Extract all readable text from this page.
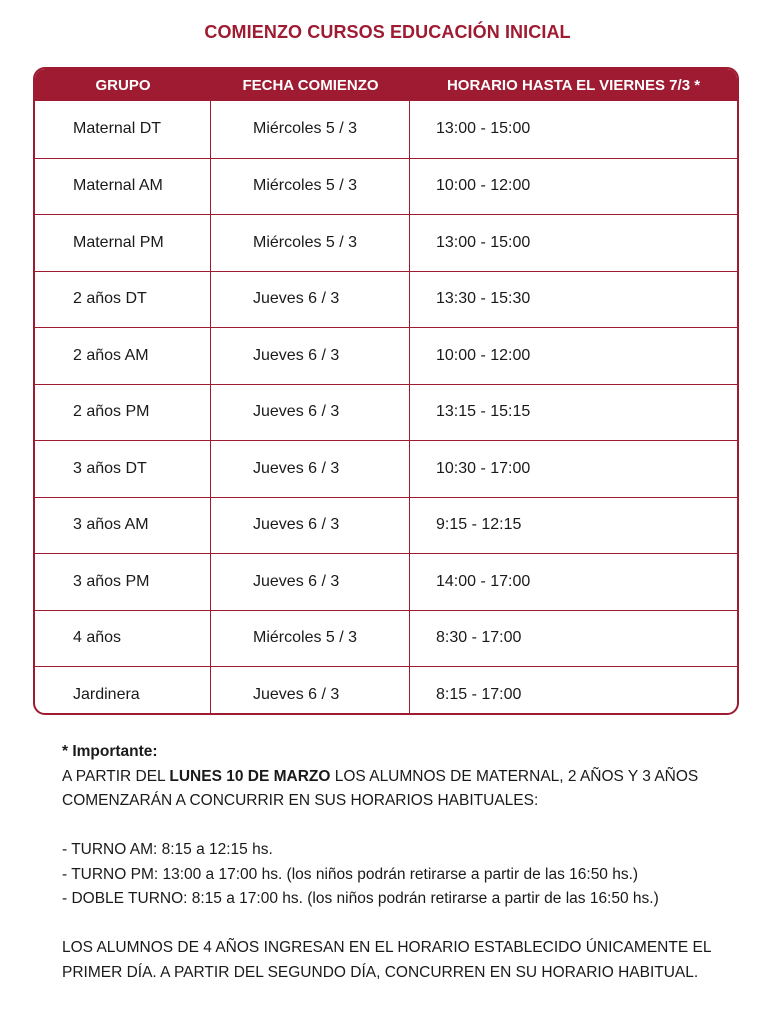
COMIENZO CURSOS EDUCACIÓN INICIAL
GRUPO	FECHA COMIENZO	HORARIO HASTA EL VIERNES 7/3 *
Maternal DT	Miércoles 5 / 3	13:00 - 15:00
Maternal AM	Miércoles 5 / 3	10:00 - 12:00
Maternal PM	Miércoles 5 / 3	13:00 - 15:00
2 años DT	Jueves 6 / 3	13:30 - 15:30
2 años AM	Jueves 6 / 3	10:00 - 12:00
2 años PM	Jueves 6 / 3	13:15 - 15:15
3 años DT	Jueves 6 / 3	10:30 - 17:00
3 años AM	Jueves 6 / 3	9:15 - 12:15
3 años PM	Jueves 6 / 3	14:00 - 17:00
4 años	Miércoles 5 / 3	8:30 - 17:00
Jardinera	Jueves 6 / 3	8:15 - 17:00

* Importante:

A PARTIR DEL LUNES 10 DE MARZO LOS ALUMNOS DE MATERNAL, 2 AÑOS Y 3 AÑOS

COMENZARÁN A CONCURRIR EN SUS HORARIOS HABITUALES:

- TURNO AM: 8:15 a 12:15 hs.

- TURNO PM: 13:00 a 17:00 hs. (los niños podrán retirarse a partir de las 16:50 hs.)

- DOBLE TURNO: 8:15 a 17:00 hs. (los niños podrán retirarse a partir de las 16:50 hs.)

LOS ALUMNOS DE 4 AÑOS INGRESAN EN EL HORARIO ESTABLECIDO ÚNICAMENTE EL

PRIMER DÍA. A PARTIR DEL SEGUNDO DÍA, CONCURREN EN SU HORARIO HABITUAL.
